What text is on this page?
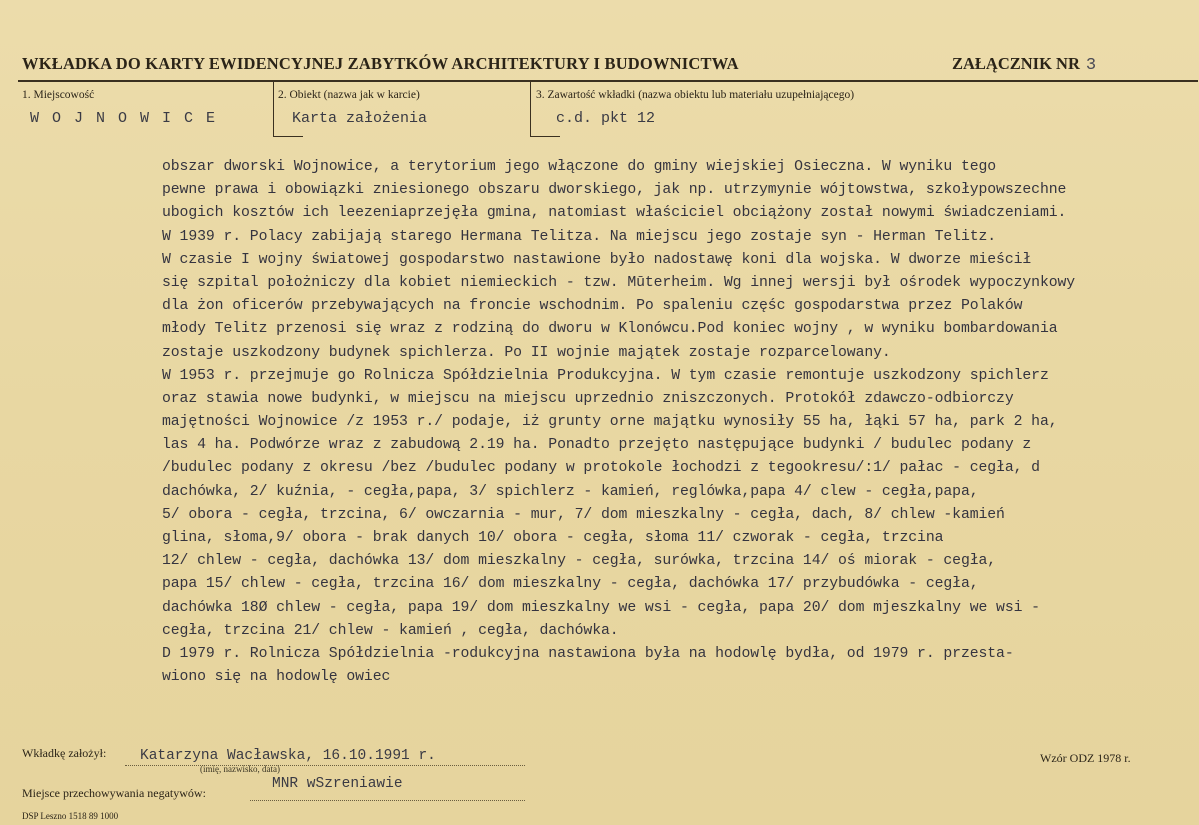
WKŁADKA DO KARTY EWIDENCYJNEJ ZABYTKÓW ARCHITEKTURY I BUDOWNICTWA	ZAŁĄCZNIK NR 3
1. Miejscowość
W O J N O W I C E
2. Obiekt (nazwa jak w karcie)
Karta założenia
3. Zawartość wkładki (nazwa obiektu lub materiału uzupełniającego)
c.d. pkt 12
obszar dworski Wojnowice, a terytorium jego włączone do gminy wiejskiej Osieczna. W wyniku tego
pewne prawa i obowiązki zniesionego obszaru dworskiego, jak np. utrzymynie wójtowstwa, szkołypowszechne
ubogich kosztów ich leezeniaprzejęła gmina, natomiast właściciel obciążony został nowymi świadczeniami.
W 1939 r. Polacy zabijają starego Hermana Telitza. Na miejscu jego zostaje syn - Herman Telitz.
W czasie I wojny światowej gospodarstwo nastawione było nadostawę koni dla wojska. W dworze mieścił
się szpital położniczy dla kobiet niemieckich - tzw. Mūterheim. Wg innej wersji był ośrodek wypoczynkowy
dla żon oficerów przebywających na froncie wschodnim. Po spaleniu częśc gospodarstwa przez Polaków
młody Telitz przenosi się wraz z rodziną do dworu w Klonówcu.Pod koniec wojny , w wyniku bombardowania
zostaje uszkodzony budynek spichlerza. Po II wojnie majątek zostaje rozparcelowany.
W 1953 r. przejmuje go Rolnicza Spółdzielnia Produkcyjna. W tym czasie remontuje uszkodzony spichlerz
oraz stawia nowe budynki, w miejscu na miejscu uprzednio zniszczonych. Protokół zdawczo-odbiorczy
majętności Wojnowice /z 1953 r./ podaje, iż grunty orne majątku wynosiły 55 ha, łąki 57 ha, park 2 ha,
las 4 ha. Podwórze wraz z zabudową 2.19 ha. Ponadto przejęto następujące budynki / budulec podany z
/budulec podany z okresu /bez /budulec podany w protokole łochodzi z tegookresu/:1/ pałac - cegła, d
dachówka, 2/ kuźnia, - cegła,papa, 3/ spichlerz - kamień, reglówka,papa 4/ clew - cegła,papa,
5/ obora - cegła, trzcina, 6/ owczarnia - mur, 7/ dom mieszkalny - cegła, dach, 8/ chlew -kamień
glina, słoma,9/ obora - brak danych 10/ obora - cegła, słoma 11/ czworak - cegła, trzcina
12/ chlew - cegła, dachówka 13/ dom mieszkalny - cegła, surówka, trzcina 14/ oś miorak - cegła,
papa 15/ chlew - cegła, trzcina 16/ dom mieszkalny - cegła, dachówka 17/ przybudówka - cegła,
dachówka 18Ø chlew - cegła, papa 19/ dom mieszkalny we wsi - cegła, papa 20/ dom mjeszkalny we wsi -
cegła, trzcina 21/ chlew - kamień , cegła, dachówka.
D 1979 r. Rolnicza Spółdzielnia -rodukcyjna nastawiona była na hodowlę bydła, od 1979 r. przesta-
wiono się na hodowlę owiec
Wkładkę założył: Katarzyna Wacławska, 16.10.1991 r.
(imię, nazwisko, data)
Wzór ODZ 1978 r.
Miejsce przechowywania negatywów:
MNR wSzreniawie
DSP Leszno 1518 89 1000
